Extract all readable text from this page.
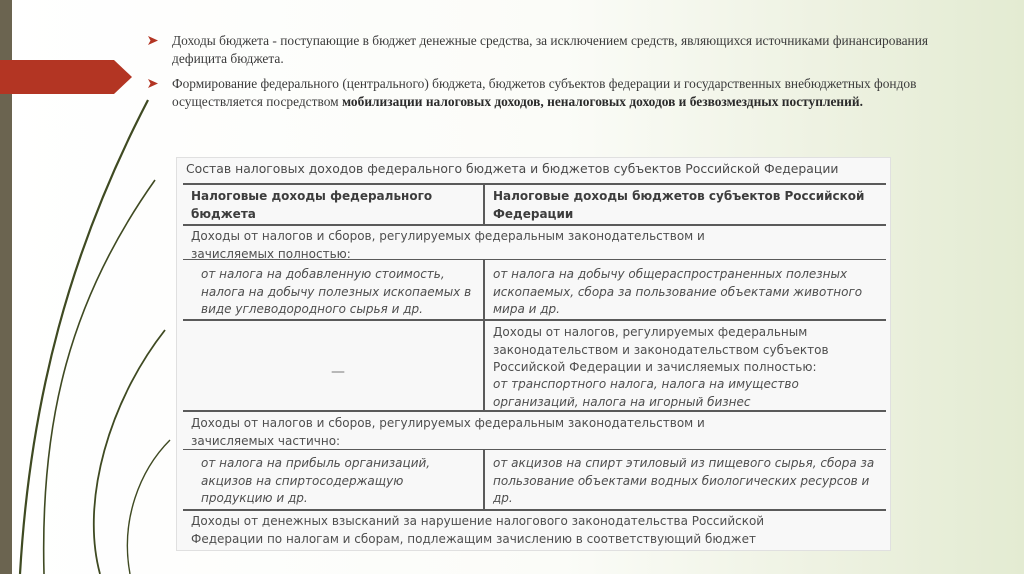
Доходы бюджета - поступающие в бюджет денежные средства, за исключением средств, являющихся источниками финансирования дефицита бюджета.
Формирование федерального (центрального) бюджета, бюджетов субъектов федерации и государственных внебюджетных фондов осуществляется посредством мобилизации налоговых доходов, неналоговых доходов и безвозмездных поступлений.
Состав налоговых доходов федерального бюджета и бюджетов субъектов Российской Федерации
Налоговые доходы федерального бюджета
Налоговые доходы бюджетов субъектов Российской Федерации
Доходы от налогов и сборов, регулируемых федеральным законодательством и зачисляемых полностью:
от налога на добавленную стоимость, налога на добычу полезных ископаемых в виде углеводородного сырья и др.
от налога на добычу общераспространенных полезных ископаемых, сбора за пользование объектами животного мира и др.
—
Доходы от налогов, регулируемых федеральным законодательством и законодательством субъектов Российской Федерации и зачисляемых полностью:
от транспортного налога, налога на имущество организаций, налога на игорный бизнес
Доходы от налогов и сборов, регулируемых федеральным законодательством и зачисляемых частично:
от налога на прибыль организаций, акцизов на спиртосодержащую продукцию и др.
от акцизов на спирт этиловый из пищевого сырья, сбора за пользование объектами водных биологических ресурсов и др.
Доходы от денежных взысканий за нарушение налогового законодательства Российской Федерации по налогам и сборам, подлежащим зачислению в соответствующий бюджет
